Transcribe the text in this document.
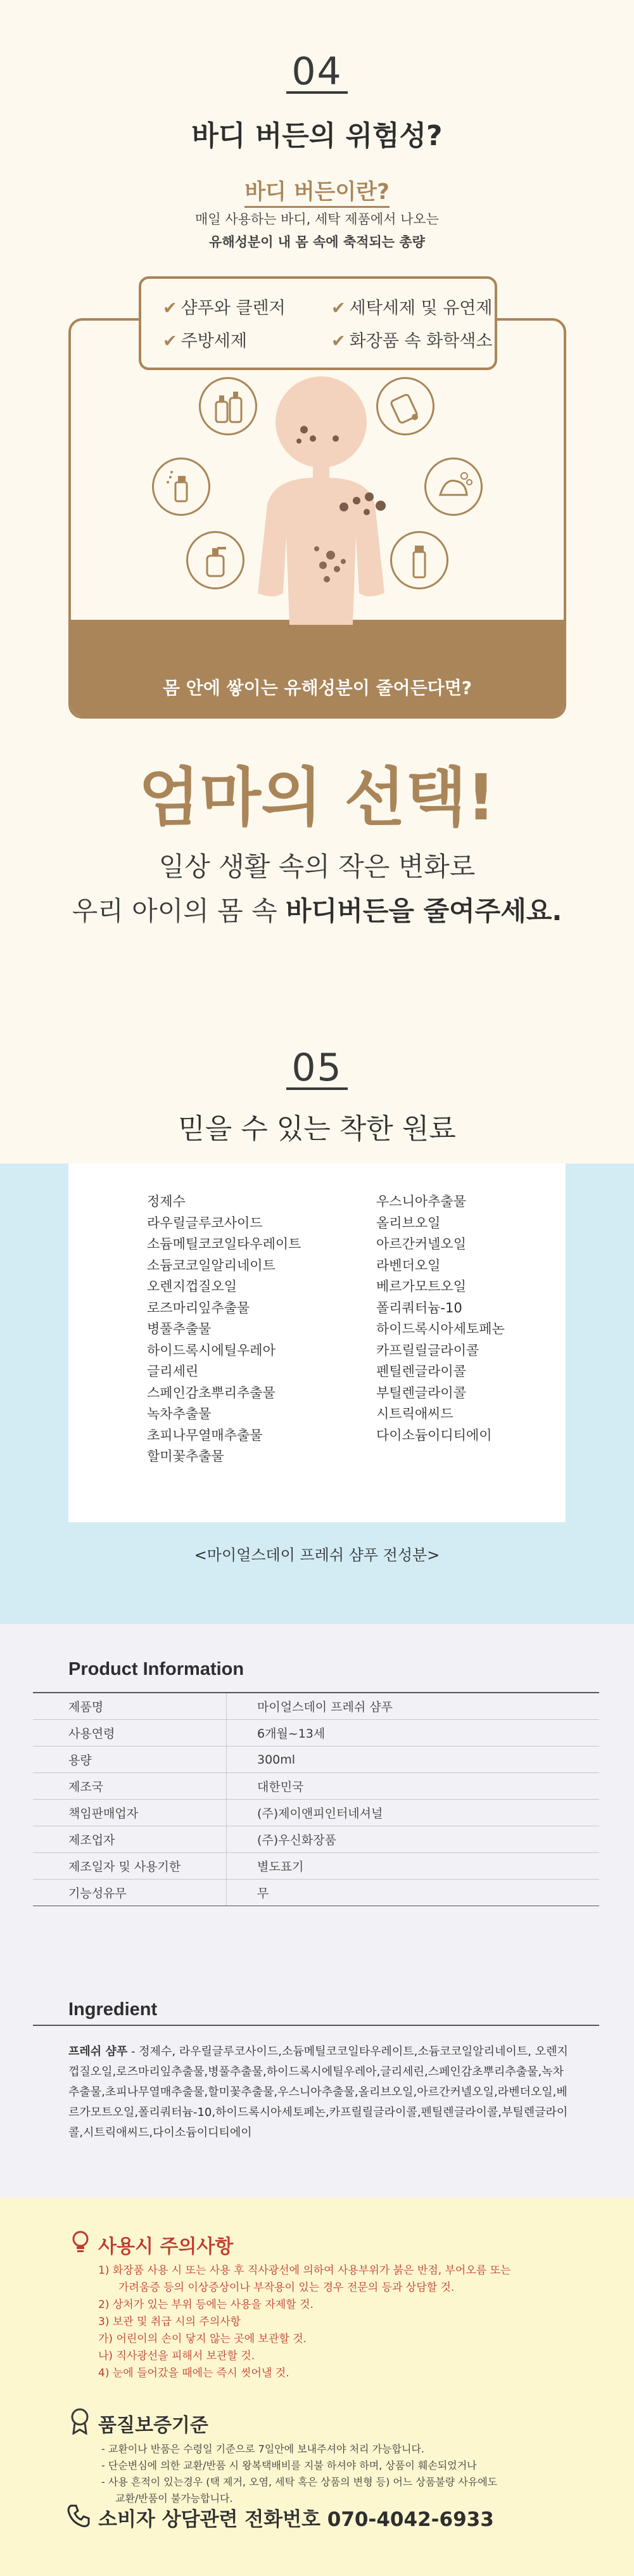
04
바디 버든의 위험성?
바디 버든이란?
매일 사용하는 바디, 세탁 제품에서 나오는
유해성분이 내 몸 속에 축적되는 총량
몸 안에 쌓이는 유해성분이 줄어든다면?
✔ 샴푸와 클렌저	✔ 세탁세제 및 유연제
✔ 주방세제	✔ 화장품 속 화학색소
엄마의 선택!
일상 생활 속의 작은 변화로
우리 아이의 몸 속 바디버든을 줄여주세요.
05
믿을 수 있는 착한 원료
정제수
라우릴글루코사이드
소듐메틸코코일타우레이트
소듐코코일알리네이트
오렌지껍질오일
로즈마리잎추출물
병풀추출물
하이드록시에틸우레아
글리세린
스페인감초뿌리추출물
녹차추출물
초피나무열매추출물
할미꽃추출물
우스니아추출물
올리브오일
아르간커넬오일
라벤더오일
베르가모트오일
폴리쿼터늄-10
하이드록시아세토페논
카프릴릴글라이콜
펜틸렌글라이콜
부틸렌글라이콜
시트릭애씨드
다이소듐이디티에이
<마이얼스데이 프레쉬 샴푸 전성분>
Product Information
제품명	마이얼스데이 프레쉬 샴푸
사용연령	6개월~13세
용량	300ml
제조국	대한민국
책임판매업자	(주)제이앤피인터네셔널
제조업자	(주)우신화장품
제조일자 및 사용기한	별도표기
기능성유무	무
Ingredient
프레쉬 샴푸 - 정제수, 라우릴글루코사이드,소듐메틸코코일타우레이트,소듐코코일알리네이트, 오렌지껍질오일,로즈마리잎추출물,병풀추출물,하이드록시에틸우레아,글리세린,스페인감초뿌리추출물,녹차추출물,초피나무열매추출물,할미꽃추출물,우스니아추출물,올리브오일,아르간커넬오일,라벤더오일,베르가모트오일,폴리쿼터늄-10,하이드록시아세토페논,카프릴릴글라이콜,펜틸렌글라이콜,부틸렌글라이콜,시트릭애씨드,다이소듐이디티에이
사용시 주의사항
1) 화장품 사용 시 또는 사용 후 직사광선에 의하여 사용부위가 붉은 반점, 부어오름 또는
가려움증 등의 이상증상이나 부작용이 있는 경우 전문의 등과 상담할 것.
2) 상처가 있는 부위 등에는 사용을 자제할 것.
3) 보관 및 취급 시의 주의사항
가) 어린이의 손이 닿지 않는 곳에 보관할 것.
나) 직사광선을 피해서 보관할 것.
4) 눈에 들어갔을 때에는 즉시 씻어낼 것.
품질보증기준
- 교환이나 반품은 수령일 기준으로 7일안에 보내주셔야 처리 가능합니다.
- 단순변심에 의한 교환/반품 시 왕복택배비를 지불 하셔야 하며, 상품이 훼손되었거나
- 사용 흔적이 있는경우 (택 제거, 오염, 세탁 혹은 상품의 변형 등) 어느 상품불량 사유에도
교환/반품이 불가능합니다.
소비자 상담관련 전화번호 070-4042-6933
